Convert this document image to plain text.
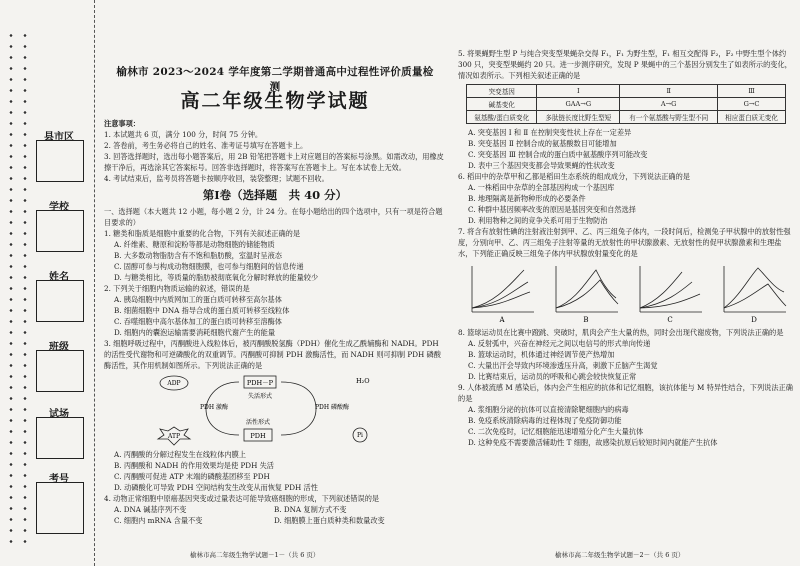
县市区
学校
姓名
班级
试场
考号
榆林市 2023～2024 学年度第二学期普通高中过程性评价质量检测
高二年级生物学试题

注意事项：

1. 本试题共 6 页，满分 100 分，时间 75 分钟。

2. 答卷前，考生务必将自己的姓名、准考证号填写在答题卡上。

3. 回答选择题时，选出每小题答案后，用 2B 铅笔把答题卡上对应题目的答案标号涂黑。如需改动，用橡皮擦干净后，再选涂其它答案标号。回答非选择题时，将答案写在答题卡上。写在本试卷上无效。

4. 考试结束后，监考员将答题卡按顺序收回，装袋整理；试题不回收。

第Ⅰ卷（选择题　共 40 分）

一、选择题（本大题共 12 小题，每小题 2 分，计 24 分。在每小题给出的四个选项中，只有一项是符合题目要求的）

1. 糖类和脂质是细胞中重要的化合物，下列有关叙述正确的是

A. 纤维素、糖原和淀粉等都是动物细胞的储能物质

B. 大多数动物脂肪含有不饱和脂肪酸，室温时呈液态

C. 固醇可参与构成动物细胞膜，也可参与细胞间的信息传递

D. 与糖类相比，等质量的脂肪被彻底氧化分解时释放的能量较少

2. 下列关于细胞内物质运输的叙述，错误的是

A. 胰岛细胞中内质网加工的蛋白质可转移至高尔基体

B. 细菌细胞中 DNA 指导合成的蛋白质可转移至线粒体

C. 吞噬细胞中高尔基体加工的蛋白质可转移至溶酶体

D. 细胞内的囊泡运输需要消耗细胞代谢产生的能量

3. 细胞呼吸过程中，丙酮酸进入线粒体后，被丙酮酸脱氢酶（PDH）催化生成乙酰辅酶和 NADH。PDH 的活性受代谢物和可逆磷酸化的双重调节。丙酮酸可抑制 PDH 激酶活性，而 NADH 则可抑制 PDH 磷酸酶活性，其作用机制如图所示。下列说法正确的是

PDH－P
失活形式
PDH
活性形式
ADP
ATP
PDH 激酶	PDH 磷酸酶
H₂O
Pi

A. 丙酮酸的分解过程发生在线粒体内膜上

B. 丙酮酸和 NADH 的作用效果均是使 PDH 失活

C. 丙酮酸可促进 ATP 末端的磷酸基团移至 PDH

D. 动磷酸化可导致 PDH 空间结构发生改变从而恢复 PDH 活性

4. 动物正常细胞中原癌基因突变或过量表达可能导致癌细胞的形成，下列叙述错误的是

A. DNA 碱基序列不变	B. DNA 复制方式不变
C. 细胞内 mRNA 含量不变	D. 细胞膜上蛋白质种类和数量改变

5. 将果蝇野生型 P 与纯合突变型果蝇杂交得 F₁，F₁ 为野生型，F₁ 相互交配得 F₂，F₂ 中野生型个体约 300 只，突变型果蝇约 20 只。进一步测序研究，发现 P 果蝇中的三个基因分别发生了如表所示的变化，情况如表所示。下列相关叙述正确的是

突变基因	Ⅰ	Ⅱ	Ⅲ
碱基变化	GAA→G	A→G	G→C
氨基酸/蛋白质变化	多肽链长度比野生型短	有一个氨基酸与野生型不同	相应蛋白质无变化

A. 突变基因 Ⅰ 和 Ⅱ 在控制突变性状上存在一定差异

B. 突变基因 Ⅱ 控制合成的氨基酸数目可能增加

C. 突变基因 Ⅲ 控制合成的蛋白质中氨基酸序列可能改变

D. 表中三个基因突变都会导致果蝇的性状改变

6. 稻田中的杂草甲和乙都是稻田生态系统的组成成分，下列说法正确的是

A. 一株稻田中杂草的全部基因构成一个基因库

B. 地理隔离是新物种形成的必要条件

C. 种群中基因频率改变的原因是基因突变和自然选择

D. 利用物种之间的竞争关系可用于生物防治

7. 将含有放射性碘的注射液注射到甲、乙、丙三组兔子体内，一段时间后，检测兔子甲状腺中的放射性强度，分别向甲、乙、丙三组兔子注射等量的无放射性的甲状腺激素、无放射性的促甲状腺激素和生理盐水，下列能正确反映三组兔子体内甲状腺放射量变化的是

A	B	C	D

8. 篮球运动员在比赛中蹬跳、突破时，肌肉会产生大量的热，同时会出现代谢废物，下列说法正确的是

A. 反射弧中，兴奋在神经元之间以电信号的形式单向传递

B. 篮球运动时，机体通过神经调节使产热增加

C. 大量出汗会导致内环境渗透压升高，刺激下丘脑产生渴觉

D. 比赛结束后，运动员的呼吸和心跳会较快恢复正常

9. 人体被流感 M 感染后，体内会产生相应的抗体和记忆细胞，该抗体能与 M 特异性结合，下列说法正确的是

A. 浆细胞分泌的抗体可以直接清除靶细胞内的病毒

B. 免疫系统清除病毒的过程体现了免疫防御功能

C. 二次免疫时，记忆细胞能迅速增殖分化产生大量抗体

D. 这种免疫不需要激活辅助性 T 细胞，故感染抗原后较短时间内就能产生抗体

榆林市高二年级生物学试题－1－（共 6 页）	榆林市高二年级生物学试题－2－（共 6 页）
